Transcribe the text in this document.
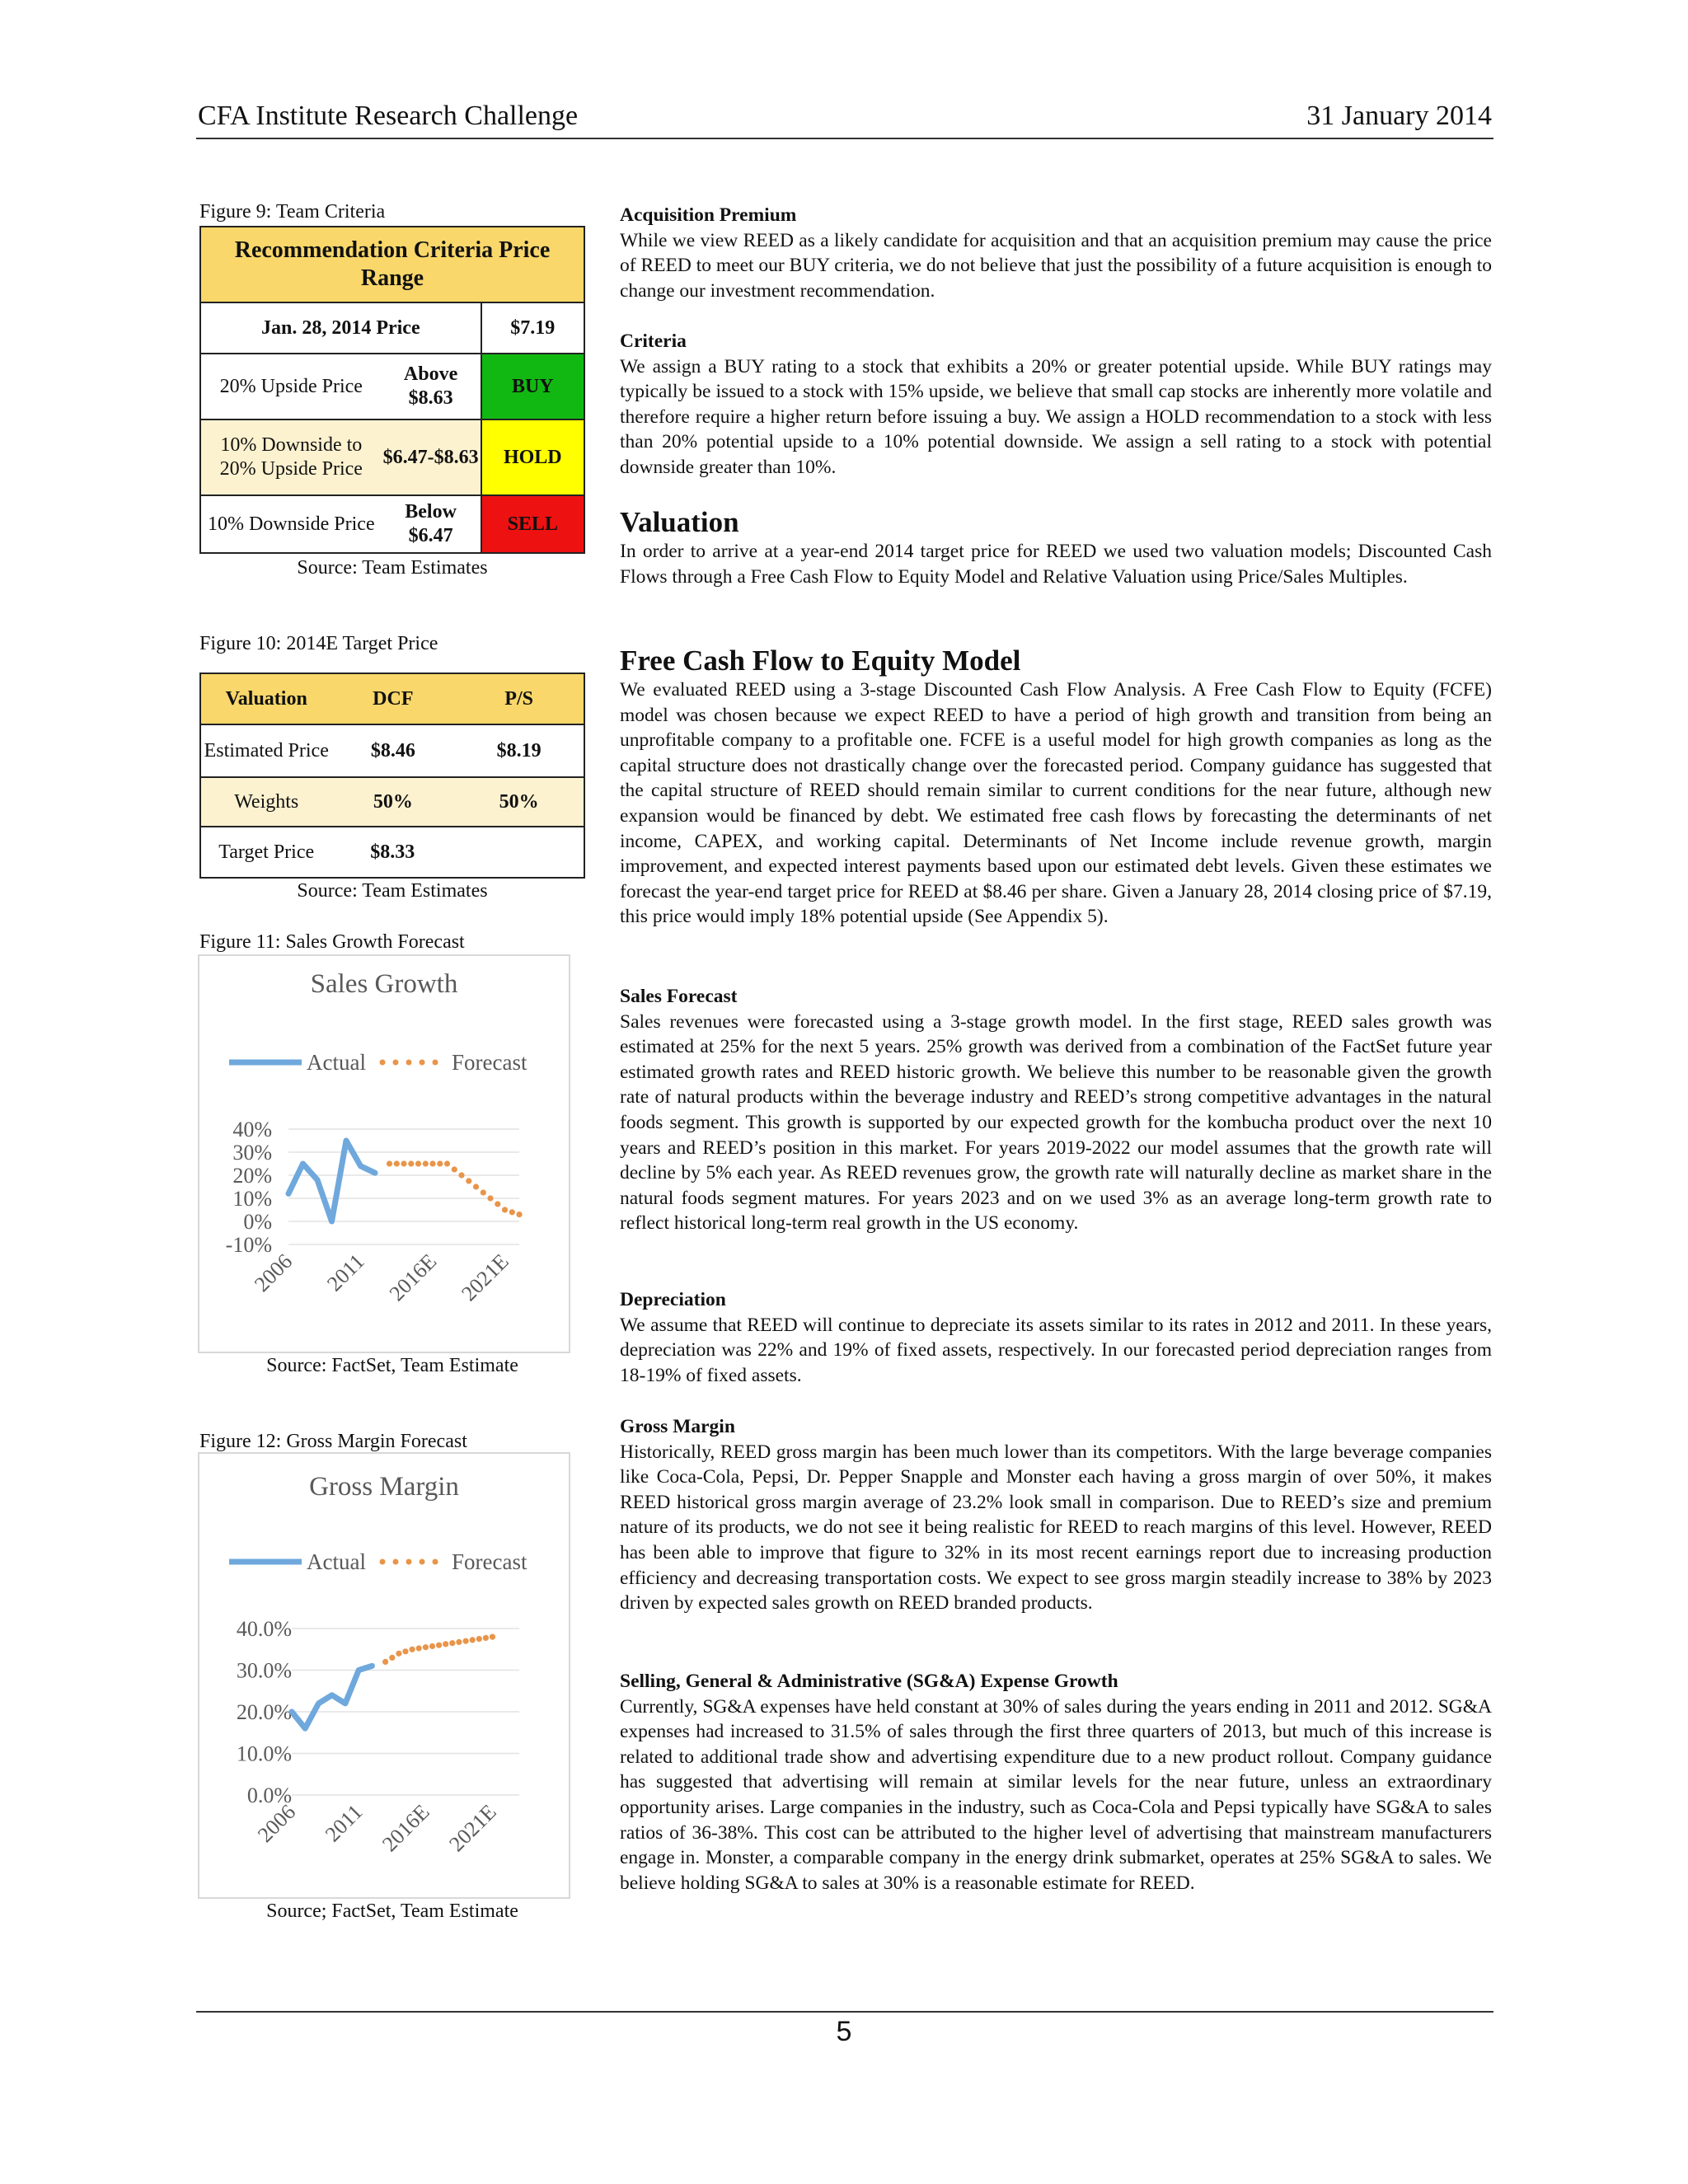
CFA Institute Research Challenge	31 January 2014
Figure 9: Team Criteria
Recommendation Criteria Price Range		
Jan. 28, 2014 Price		$7.19
20% Upside Price	Above $8.63	BUY
10% Downside to 20% Upside Price	$6.47-$8.63	HOLD
10% Downside Price	Below $6.47	SELL
Source: Team Estimates
Figure 10: 2014E Target Price
Valuation	DCF	P/S
Estimated Price	$8.46	$8.19
Weights	50%	50%
Target Price	$8.33	
Source: Team Estimates
Figure 11: Sales Growth Forecast
Sales Growth
Actual	Forecast
40%
30%
20%
10%
0%
-10%
2006 2011 2016E 2021E
Source: FactSet, Team Estimate
Figure 12: Gross Margin Forecast
Gross Margin
Actual	Forecast
40.0%
30.0%
20.0%
10.0%
0.0%
2006 2011 2016E 2021E
Source; FactSet, Team Estimate
Acquisition Premium

While we view REED as a likely candidate for acquisition and that an acquisition premium may cause the price of REED to meet our BUY criteria, we do not believe that just the possibility of a future acquisition is enough to change our investment recommendation.

Criteria

We assign a BUY rating to a stock that exhibits a 20% or greater potential upside. While BUY ratings may typically be issued to a stock with 15% upside, we believe that small cap stocks are inherently more volatile and therefore require a higher return before issuing a buy. We assign a HOLD recommendation to a stock with less than 20% potential upside to a 10% potential downside. We assign a sell rating to a stock with potential downside greater than 10%.

Valuation

In order to arrive at a year-end 2014 target price for REED we used two valuation models; Discounted Cash Flows through a Free Cash Flow to Equity Model and Relative Valuation using Price/Sales Multiples.

Free Cash Flow to Equity Model

We evaluated REED using a 3-stage Discounted Cash Flow Analysis. A Free Cash Flow to Equity (FCFE) model was chosen because we expect REED to have a period of high growth and transition from being an unprofitable company to a profitable one. FCFE is a useful model for high growth companies as long as the capital structure does not drastically change over the forecasted period. Company guidance has suggested that the capital structure of REED should remain similar to current conditions for the near future, although new expansion would be financed by debt. We estimated free cash flows by forecasting the determinants of net income, CAPEX, and working capital. Determinants of Net Income include revenue growth, margin improvement, and expected interest payments based upon our estimated debt levels. Given these estimates we forecast the year-end target price for REED at $8.46 per share. Given a January 28, 2014 closing price of $7.19, this price would imply 18% potential upside (See Appendix 5).

Sales Forecast

Sales revenues were forecasted using a 3-stage growth model. In the first stage, REED sales growth was estimated at 25% for the next 5 years. 25% growth was derived from a combination of the FactSet future year estimated growth rates and REED historic growth. We believe this number to be reasonable given the growth rate of natural products within the beverage industry and REED’s strong competitive advantages in the natural foods segment. This growth is supported by our expected growth for the kombucha product over the next 10 years and REED’s position in this market. For years 2019-2022 our model assumes that the growth rate will decline by 5% each year. As REED revenues grow, the growth rate will naturally decline as market share in the natural foods segment matures. For years 2023 and on we used 3% as an average long-term growth rate to reflect historical long-term real growth in the US economy.

Depreciation

We assume that REED will continue to depreciate its assets similar to its rates in 2012 and 2011. In these years, depreciation was 22% and 19% of fixed assets, respectively. In our forecasted period depreciation ranges from 18-19% of fixed assets.

Gross Margin

Historically, REED gross margin has been much lower than its competitors. With the large beverage companies like Coca-Cola, Pepsi, Dr. Pepper Snapple and Monster each having a gross margin of over 50%, it makes REED historical gross margin average of 23.2% look small in comparison. Due to REED’s size and premium nature of its products, we do not see it being realistic for REED to reach margins of this level. However, REED has been able to improve that figure to 32% in its most recent earnings report due to increasing production efficiency and decreasing transportation costs. We expect to see gross margin steadily increase to 38% by 2023 driven by expected sales growth on REED branded products.

Selling, General & Administrative (SG&A) Expense Growth

Currently, SG&A expenses have held constant at 30% of sales during the years ending in 2011 and 2012. SG&A expenses had increased to 31.5% of sales through the first three quarters of 2013, but much of this increase is related to additional trade show and advertising expenditure due to a new product rollout. Company guidance has suggested that advertising will remain at similar levels for the near future, unless an extraordinary opportunity arises. Large companies in the industry, such as Coca-Cola and Pepsi typically have SG&A to sales ratios of 36-38%. This cost can be attributed to the higher level of advertising that mainstream manufacturers engage in. Monster, a comparable company in the energy drink submarket, operates at 25% SG&A to sales. We believe holding SG&A to sales at 30% is a reasonable estimate for REED.

5
